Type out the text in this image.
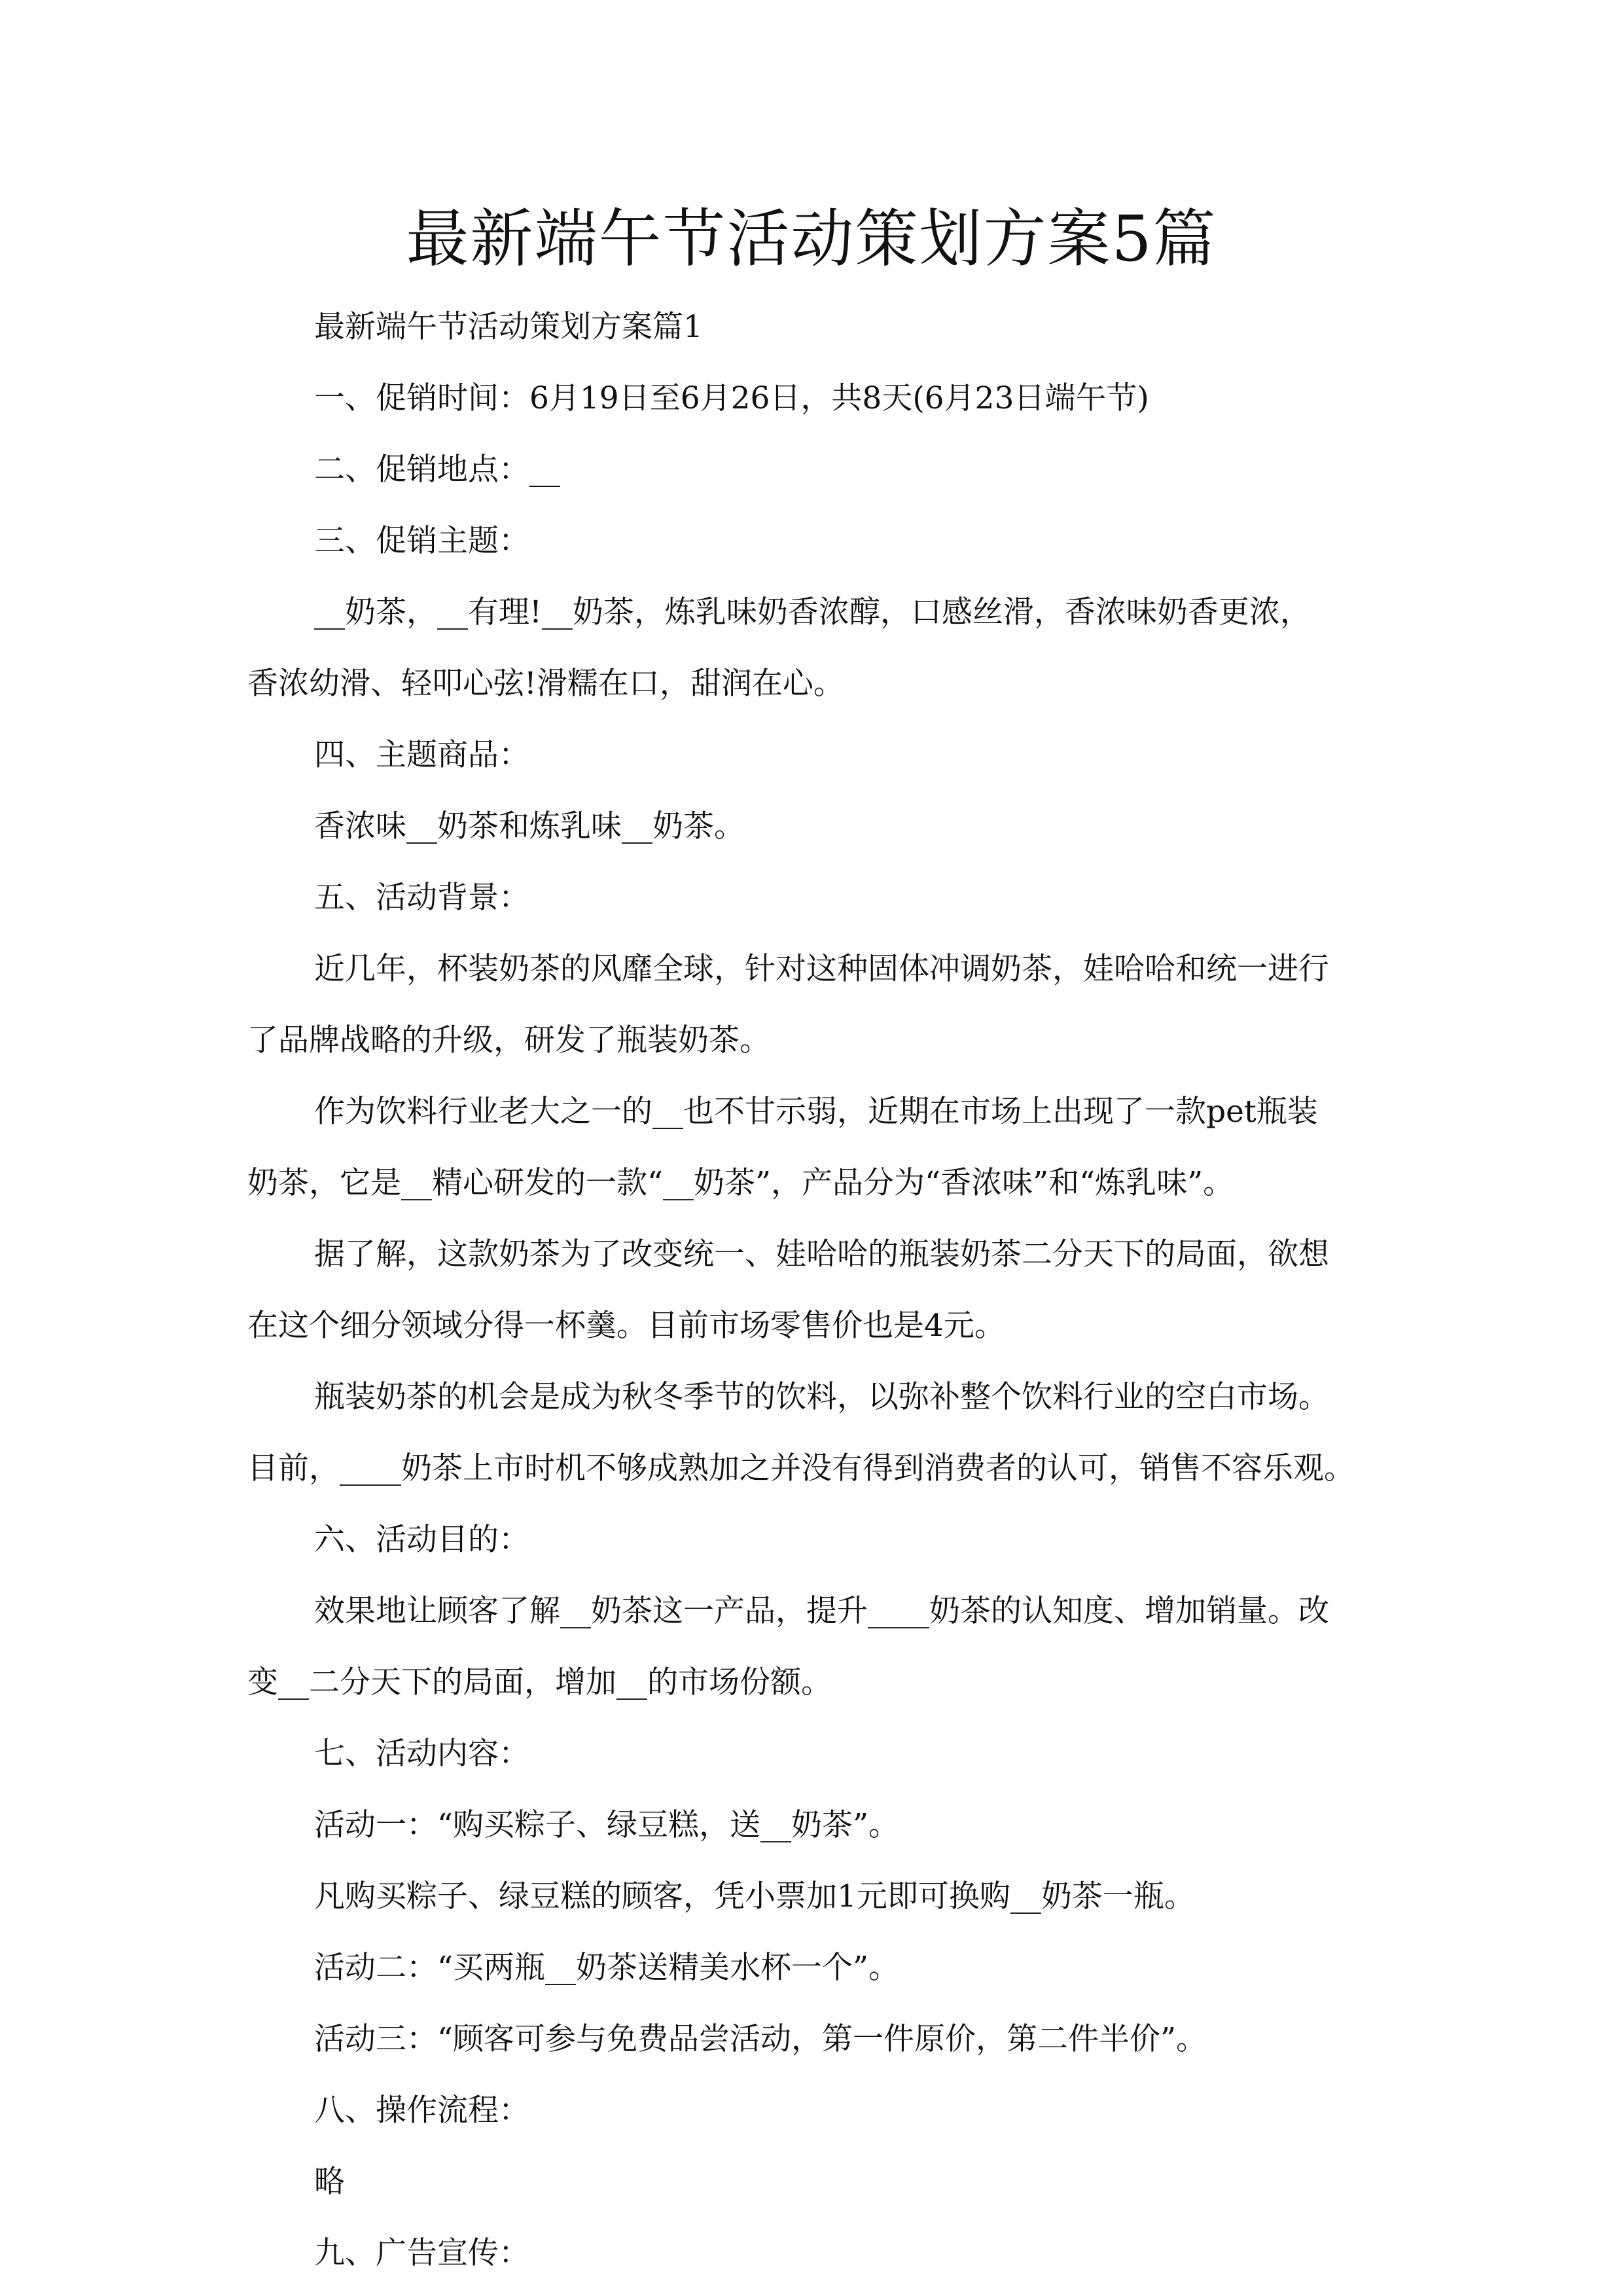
最新端午节活动策划方案5篇
最新端午节活动策划方案篇1
一、促销时间：6月19日至6月26日，共8天(6月23日端午节)
二、促销地点：__
三、促销主题：
__奶茶，__有理!__奶茶，炼乳味奶香浓醇，口感丝滑，香浓味奶香更浓，
香浓幼滑、轻叩心弦!滑糯在口，甜润在心。
四、主题商品：
香浓味__奶茶和炼乳味__奶茶。
五、活动背景：
近几年，杯装奶茶的风靡全球，针对这种固体冲调奶茶，娃哈哈和统一进行
了品牌战略的升级，研发了瓶装奶茶。
作为饮料行业老大之一的__也不甘示弱，近期在市场上出现了一款pet瓶装
奶茶，它是__精心研发的一款“__奶茶”，产品分为“香浓味”和“炼乳味”。
据了解，这款奶茶为了改变统一、娃哈哈的瓶装奶茶二分天下的局面，欲想
在这个细分领域分得一杯羹。目前市场零售价也是4元。
瓶装奶茶的机会是成为秋冬季节的饮料，以弥补整个饮料行业的空白市场。
目前，____奶茶上市时机不够成熟加之并没有得到消费者的认可，销售不容乐观。
六、活动目的：
效果地让顾客了解__奶茶这一产品，提升____奶茶的认知度、增加销量。改
变__二分天下的局面，增加__的市场份额。
七、活动内容：
活动一：“购买粽子、绿豆糕，送__奶茶”。
凡购买粽子、绿豆糕的顾客，凭小票加1元即可换购__奶茶一瓶。
活动二：“买两瓶__奶茶送精美水杯一个”。
活动三：“顾客可参与免费品尝活动，第一件原价，第二件半价”。
八、操作流程：
略
九、广告宣传：
